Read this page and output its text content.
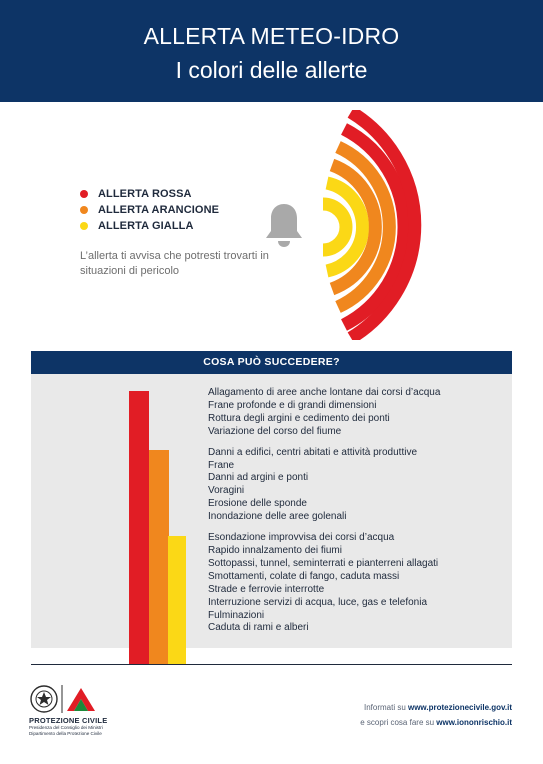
ALLERTA METEO-IDRO
I colori delle allerte
ALLERTA ROSSA
ALLERTA ARANCIONE
ALLERTA GIALLA
L’allerta ti avvisa che potresti trovarti in situazioni di pericolo
COSA PUÒ SUCCEDERE?
Allagamento di aree anche lontane dai corsi d’acqua
Frane profonde e di grandi dimensioni
Rottura degli argini e cedimento dei ponti
Variazione del corso del fiume
Danni a edifici, centri abitati e attività produttive
Frane
Danni ad argini e ponti
Voragini
Erosione delle sponde
Inondazione delle aree golenali
Esondazione improvvisa dei corsi d’acqua
Rapido innalzamento dei fiumi
Sottopassi, tunnel, seminterrati e pianterreni allagati
Smottamenti, colate di fango, caduta massi
Strade e ferrovie interrotte
Interruzione servizi di acqua, luce, gas e telefonia
Fulminazioni
Caduta di rami e alberi
PROTEZIONE CIVILE
Presidenza del Consiglio dei Ministri
Dipartimento della Protezione Civile
Informati su www.protezionecivile.gov.it
e scopri cosa fare su www.iononrischio.it
